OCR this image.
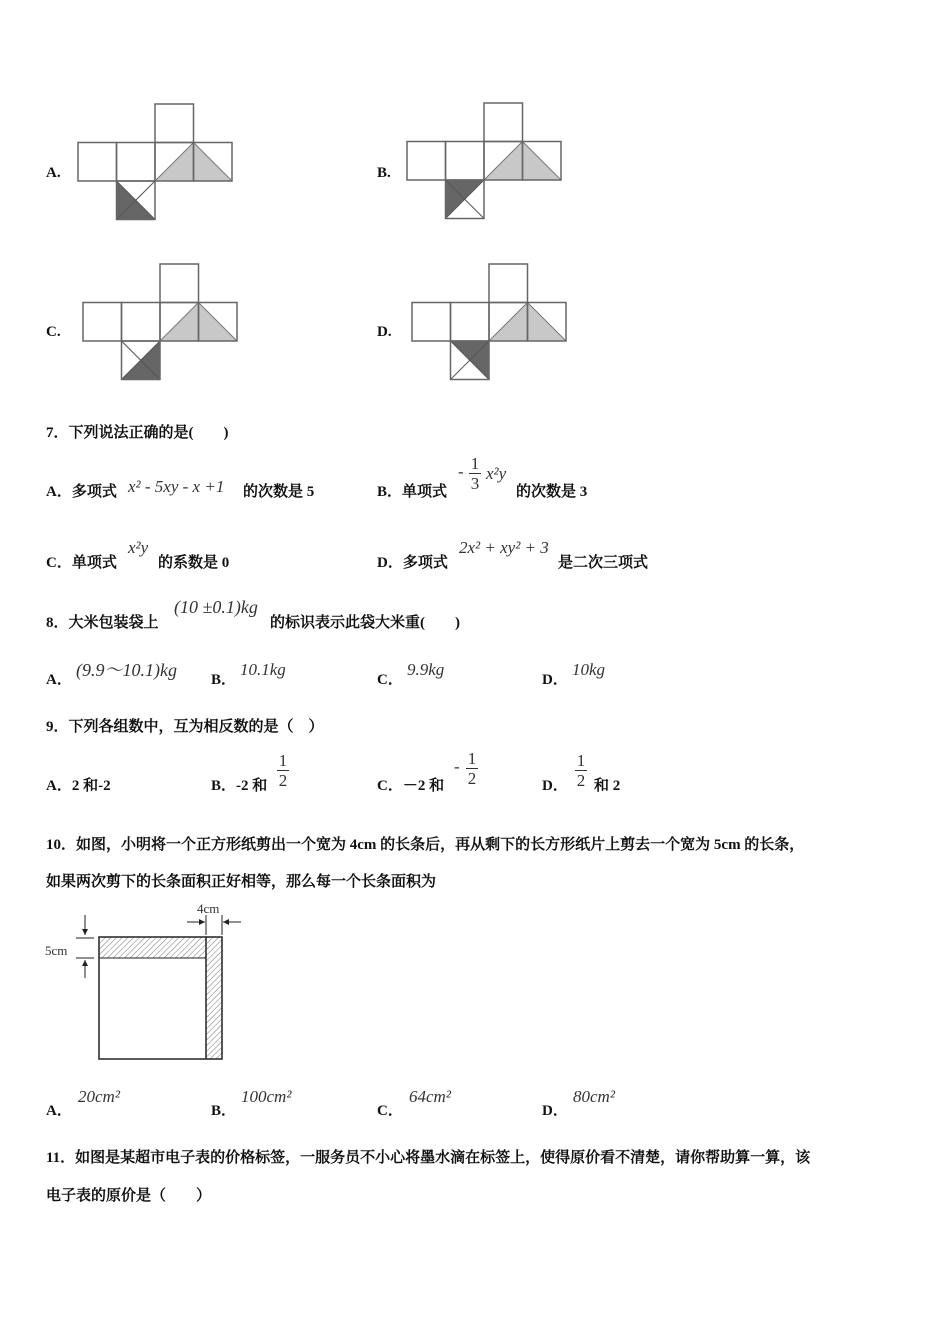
A.	B.
C.	D.
7．下列说法正确的是(　　)
A．多项式 x² - 5xy - x +1 的次数是 5	B．单项式
- 1
3
x²y
的次数是 3
C．单项式
x²y
的系数是 0	D．多项式
2x² + xy² + 3
是二次三项式
8．大米包装袋上
(10 ±0.1)kg
的标识表示此袋大米重(　　)
A． (9.9～10.1)kg B．
10.1kg
C．
9.9kg
D．
10kg
9．下列各组数中，互为相反数的是（　）
A．2 和-2	B．-2 和
1
2	C．－2 和
- 1
2	D．
1
2 和 2
10．如图，小明将一个正方形纸剪出一个宽为 4cm 的长条后，再从剩下的长方形纸片上剪去一个宽为 5cm 的长条，
如果两次剪下的长条面积正好相等，那么每一个长条面积为
4cm
5cm
A．
20cm²
B．
100cm²
C．
64cm²
D．
80cm²
11．如图是某超市电子表的价格标签，一服务员不小心将墨水滴在标签上，使得原价看不清楚，请你帮助算一算，该
电子表的原价是（　　）
